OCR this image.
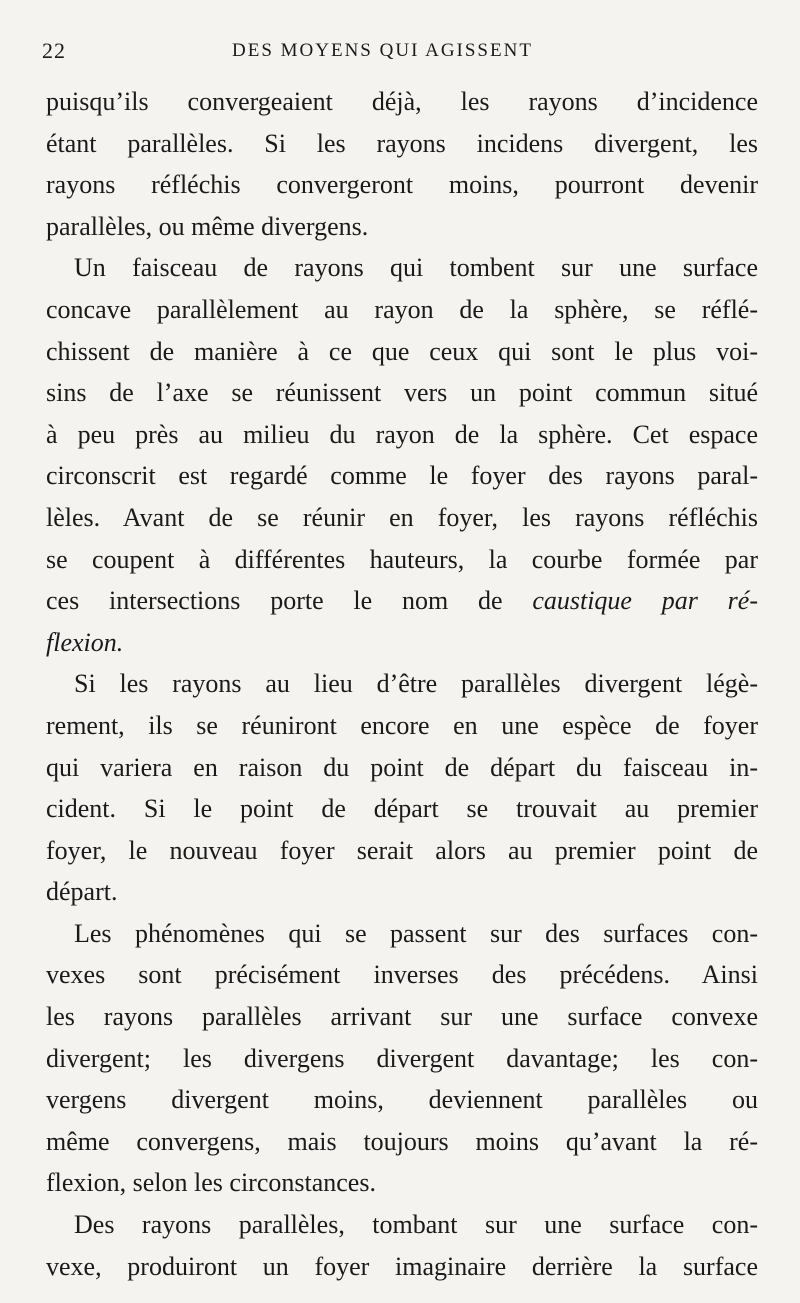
22	DES MOYENS QUI AGISSENT

puisqu’ils convergeaient déjà, les rayons d’incidence
étant parallèles. Si les rayons incidens divergent, les
rayons réfléchis convergeront moins, pourront devenir
parallèles, ou même divergens.

Un faisceau de rayons qui tombent sur une surface
concave parallèlement au rayon de la sphère, se réflé-
chissent de manière à ce que ceux qui sont le plus voi-
sins de l’axe se réunissent vers un point commun situé
à peu près au milieu du rayon de la sphère. Cet espace
circonscrit est regardé comme le foyer des rayons paral-
lèles. Avant de se réunir en foyer, les rayons réfléchis
se coupent à différentes hauteurs, la courbe formée par
ces intersections porte le nom de caustique par ré-
flexion.

Si les rayons au lieu d’être parallèles divergent légè-
rement, ils se réuniront encore en une espèce de foyer
qui variera en raison du point de départ du faisceau in-
cident. Si le point de départ se trouvait au premier
foyer, le nouveau foyer serait alors au premier point de
départ.

Les phénomènes qui se passent sur des surfaces con-
vexes sont précisément inverses des précédens. Ainsi
les rayons parallèles arrivant sur une surface convexe
divergent; les divergens divergent davantage; les con-
vergens divergent moins, deviennent parallèles ou
même convergens, mais toujours moins qu’avant la ré-
flexion, selon les circonstances.

Des rayons parallèles, tombant sur une surface con-
vexe, produiront un foyer imaginaire derrière la surface
